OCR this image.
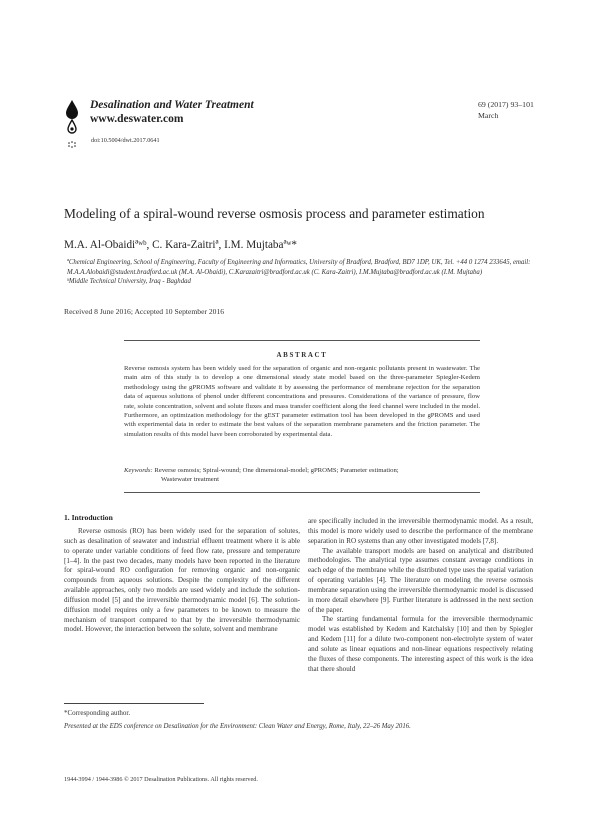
Desalination and Water Treatment
www.deswater.com
doi:10.5004/dwt.2017.0641
69 (2017) 93–101
March
Modeling of a spiral-wound reverse osmosis process and parameter estimation
M.A. Al-Obaidiªʷᵇ, C. Kara-Zaitriª, I.M. Mujtabaªʷ*
ªChemical Engineering, School of Engineering, Faculty of Engineering and Informatics, University of Bradford, Bradford, BD7 1DP, UK, Tel. +44 0 1274 233645, email: M.A.A.Alobaidi@student.bradford.ac.uk (M.A. Al-Obaidi), C.Karazaitri@bradford.ac.uk (C. Kara-Zaitri), I.M.Mujtaba@bradford.ac.uk (I.M. Mujtaba)
ᵇMiddle Technical University, Iraq - Baghdad
Received 8 June 2016; Accepted 10 September 2016
ABSTRACT
Reverse osmosis system has been widely used for the separation of organic and non-organic pollutants present in wastewater. The main aim of this study is to develop a one dimensional steady state model based on the three-parameter Spiegler-Kedem methodology using the gPROMS software and validate it by assessing the performance of membrane rejection for the separation data of aqueous solutions of phenol under different concentrations and pressures. Considerations of the variance of pressure, flow rate, solute concentration, solvent and solute fluxes and mass transfer coefficient along the feed channel were included in the model. Furthermore, an optimization methodology for the gEST parameter estimation tool has been developed in the gPROMS and used with experimental data in order to estimate the best values of the separation membrane parameters and the friction parameter. The simulation results of this model have been corroborated by experimental data.
Keywords: Reverse osmosis; Spiral-wound; One dimensional-model; gPROMS; Parameter estimation;
Wastewater treatment
1. Introduction

Reverse osmosis (RO) has been widely used for the separation of solutes, such as desalination of seawater and industrial effluent treatment where it is able to operate under variable conditions of feed flow rate, pressure and temperature [1–4]. In the past two decades, many models have been reported in the literature for spiral-wound RO configuration for removing organic and non-organic compounds from aqueous solutions. Despite the complexity of the different available approaches, only two models are used widely and include the solution-diffusion model [5] and the irreversible thermodynamic model [6]. The solution-diffusion model requires only a few parameters to be known to measure the mechanism of transport compared to that by the irreversible thermodynamic model. However, the interaction between the solute, solvent and membrane

are specifically included in the irreversible thermodynamic model. As a result, this model is more widely used to describe the performance of the membrane separation in RO systems than any other investigated models [7,8].

The available transport models are based on analytical and distributed methodologies. The analytical type assumes constant average conditions in each edge of the membrane while the distributed type uses the spatial variation of operating variables [4]. The literature on modeling the reverse osmosis membrane separation using the irreversible thermodynamic model is discussed in more detail elsewhere [9]. Further literature is addressed in the next section of the paper.

The starting fundamental formula for the irreversible thermodynamic model was established by Kedem and Katchalsky [10] and then by Spiegler and Kedem [11] for a dilute two-component non-electrolyte system of water and solute as linear equations and non-linear equations respectively relating the fluxes of these components. The interesting aspect of this work is the idea that there should

*Corresponding author.
Presented at the EDS conference on Desalination for the Environment: Clean Water and Energy, Rome, Italy, 22–26 May 2016.
1944-3994 / 1944-3986 © 2017 Desalination Publications. All rights reserved.
